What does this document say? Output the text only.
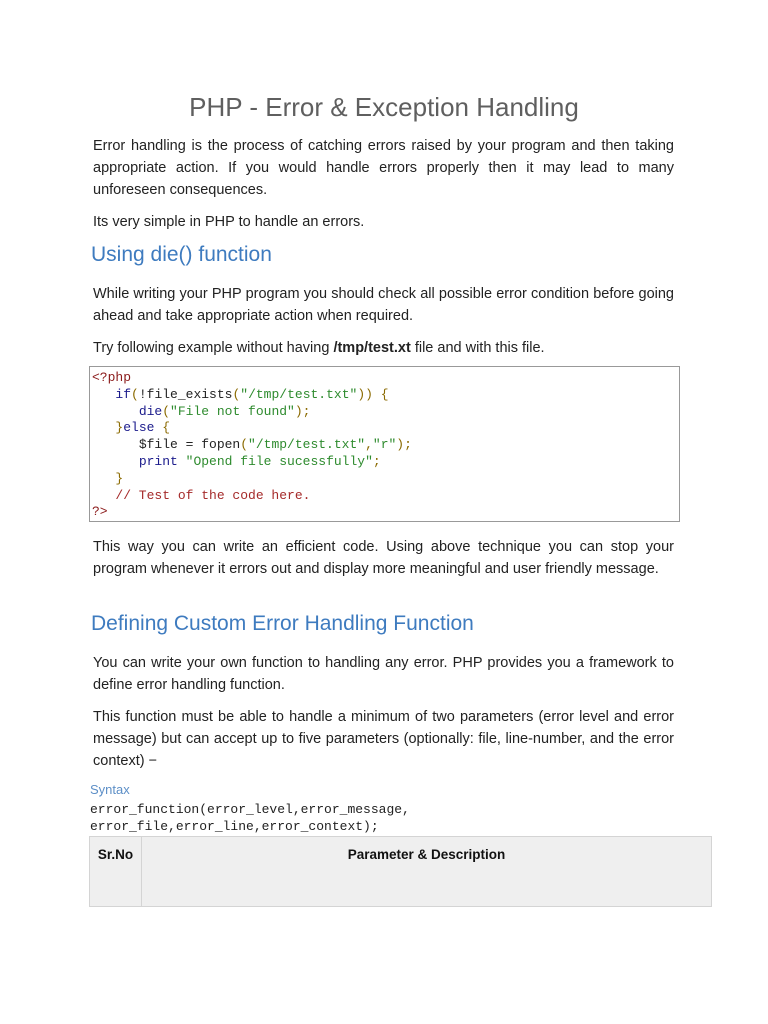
PHP - Error & Exception Handling

Error handling is the process of catching errors raised by your program and then taking appropriate action. If you would handle errors properly then it may lead to many unforeseen consequences.

Its very simple in PHP to handle an errors.

Using die() function

While writing your PHP program you should check all possible error condition before going ahead and take appropriate action when required.

Try following example without having /tmp/test.xt file and with this file.

<?php
if(!file_exists("/tmp/test.txt")) {
die("File not found");
}else {
$file = fopen("/tmp/test.txt","r");
print "Opend file sucessfully";
}
// Test of the code here.
?>

This way you can write an efficient code. Using above technique you can stop your program whenever it errors out and display more meaningful and user friendly message.

Defining Custom Error Handling Function

You can write your own function to handling any error. PHP provides you a framework to define error handling function.

This function must be able to handle a minimum of two parameters (error level and error message) but can accept up to five parameters (optionally: file, line-number, and the error context) −

Syntax

error_function(error_level,error_message,
error_file,error_line,error_context);
Sr.No	Parameter & Description
